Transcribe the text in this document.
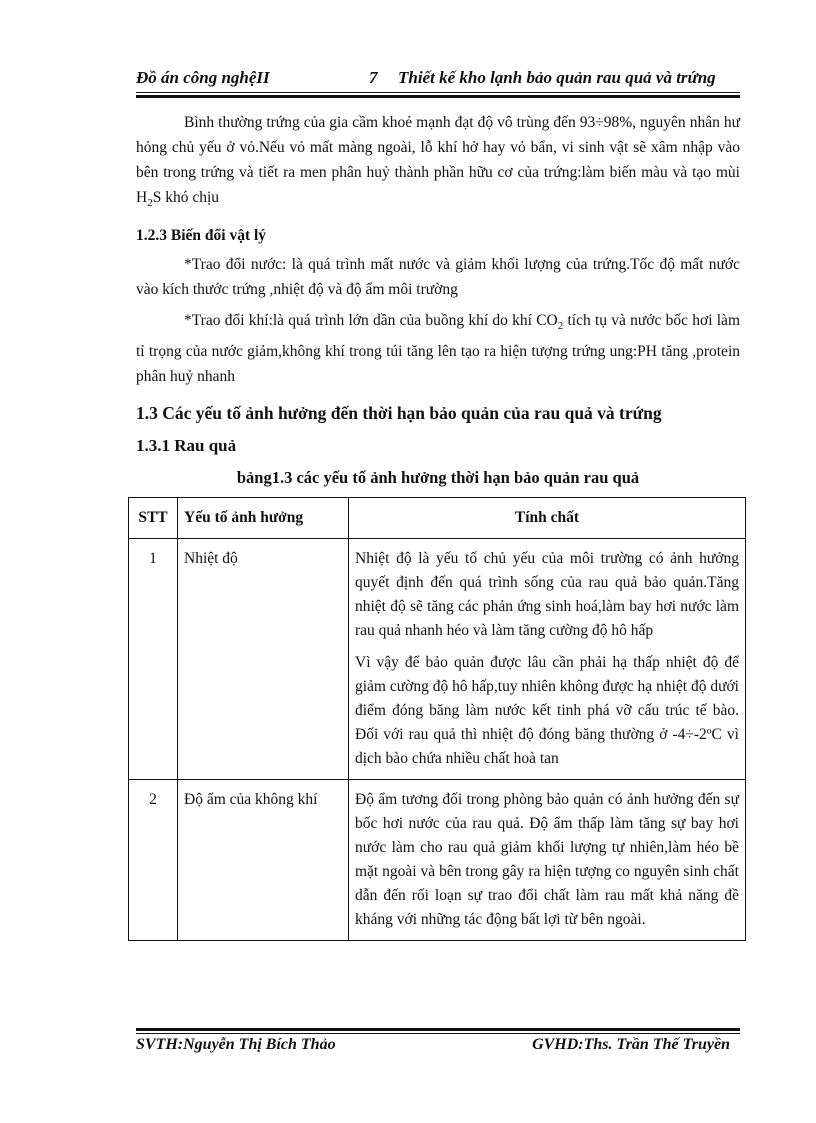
Đồ án công nghệII	7 Thiết kế kho lạnh bảo quản rau quả và trứng

Bình thường trứng của gia cầm khoẻ mạnh đạt độ vô trùng đến 93÷98%, nguyên nhân hư hỏng chủ yếu ở vỏ.Nếu vỏ mất màng ngoài, lỗ khí hở hay vỏ bẩn, vi sinh vật sẽ xâm nhập vào bên trong trứng và tiết ra men phân huỷ thành phần hữu cơ của trứng:làm biến màu và tạo mùi $H_2S$ khó chịu

1.2.3 Biến đổi vật lý

*Trao đổi nước: là quá trình mất nước và giảm khối lượng của trứng.Tốc độ mất nước vào kích thước trứng ,nhiệt độ và độ ẩm môi trường

*Trao đổi khí:là quá trình lớn dần của buồng khí do khí $CO_2$ tích tụ và nước bốc hơi làm tỉ trọng của nước giảm,không khí trong túi tăng lên tạo ra hiện tượng trứng ung:PH tăng ,protein phân huỷ nhanh

1.3 Các yếu tố ảnh hưởng đến thời hạn bảo quản của rau quả và trứng
1.3.1 Rau quả
bảng1.3 các yếu tố ảnh hưởng thời hạn bảo quản rau quả
STT	Yếu tố ảnh hưởng	Tính chất
1	Nhiệt độ	Nhiệt độ là yếu tố chủ yếu của môi trường có ảnh hưởng quyết định đến quá trình sống của rau quả bảo quản.Tăng nhiệt độ sẽ tăng các phản ứng sinh hoá,làm bay hơi nước làm rau quả nhanh héo và làm tăng cường độ hô hấp

Vì vậy để bảo quản được lâu cần phải hạ thấp nhiệt độ để giảm cường độ hô hấp,tuy nhiên không được hạ nhiệt độ dưới điểm đóng băng làm nước kết tinh phá vỡ cấu trúc tế bào. Đối với rau quả thì nhiệt độ đóng băng thường ở -4÷-2ºC vì dịch bào chứa nhiều chất hoà tan

2	Độ ẩm của không khí	Độ ẩm tương đối trong phòng bảo quản có ảnh hưởng đến sự bốc hơi nước của rau quả. Độ ẩm thấp làm tăng sự bay hơi nước làm cho rau quả giảm khối lượng tự nhiên,làm héo bề mặt ngoài và bên trong gây ra hiện tượng co nguyên sinh chất dẫn đến rối loạn sự trao đổi chất làm rau mất khả năng đề kháng với những tác động bất lợi từ bên ngoài.

SVTH:Nguyễn Thị Bích Thảo	GVHD:Ths. Trần Thế Truyền
